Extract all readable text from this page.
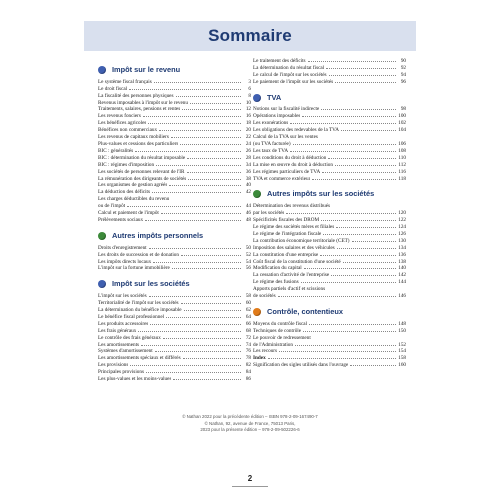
Sommaire
Impôt sur le revenu
Le système fiscal français	3
Le droit fiscal	6
La fiscalité des personnes physiques	8
Revenus imposables à l'impôt sur le revenu	10
Traitements, salaires, pensions et rentes	12
Les revenus fonciers	16
Les bénéfices agricoles	18
Bénéfices non commerciaux	20
Les revenus de capitaux mobiliers	22
Plus-values et cessions des particuliers	24
BIC : généralités	26
BIC : détermination du résultat imposable	28
BIC : régimes d'imposition	34
Les sociétés de personnes relevant de l'IR	36
La rémunération des dirigeants de sociétés	38
Les organismes de gestion agréés	40
La déduction des déficits	42
Les charges déductibles du revenu
ou de l'impôt	44
Calcul et paiement de l'impôt	46
Prélèvements sociaux	48
Autres impôts personnels
Droits d'enregistrement	50
Les droits de succession et de donation	52
Les impôts directs locaux	54
L'impôt sur la fortune immobilière	56
Impôt sur les sociétés
L'impôt sur les sociétés	58
Territorialité de l'impôt sur les sociétés	60
La détermination du bénéfice imposable	62
Le bénéfice fiscal professionnel	64
Les produits accessoires	66
Les frais généraux	68
Le contrôle des frais généraux	72
Les amortissements	74
Systèmes d'amortissement	76
Les amortissements spéciaux et différés	78
Les provisions	82
Principales provisions	84
Les plus-values et les moins-values	86
Le traitement des déficits	90
La détermination du résultat fiscal	92
Le calcul de l'impôt sur les sociétés	94
Le paiement de l'impôt sur les sociétés	96
TVA
Notions sur la fiscalité indirecte	98
Opérations imposables	100
Les exonérations	102
Les obligations des redevables de la TVA	104
Calcul de la TVA sur les ventes
(ou TVA facturée)	106
Les taux de TVA	108
Les conditions du droit à déduction	110
La mise en œuvre du droit à déduction	112
Les régimes particuliers de TVA	116
TVA et commerce extérieur	118
Autres impôts sur les sociétés
Détermination des revenus distribués
par les sociétés	120
Spécificités fiscales des DROM	122
Le régime des sociétés mères et filiales	124
Le régime de l'intégration fiscale	126
La contribution économique territoriale (CET)	130
Imposition des salaires et des véhicules	134
La constitution d'une entreprise	136
Coût fiscal de la constitution d'une société	138
Modification du capital	140
La cessation d'activité de l'entreprise	142
Le régime des fusions	144
Apports partiels d'actif et scissions
de sociétés	146
Contrôle, contentieux
Moyens du contrôle fiscal	148
Techniques de contrôle	150
Le pouvoir de redressement
de l'Administration	152
Les recours	154
Index	158
Signification des sigles utilisés dans l'ouvrage	160
© Nathan 2022 pour la précédente édition – ISBN 978-2-09-167490-7
© Nathan, 92, avenue de France, 75013 Paris,
2023 pour la présente édition – 978-2-09-502226-6
2
